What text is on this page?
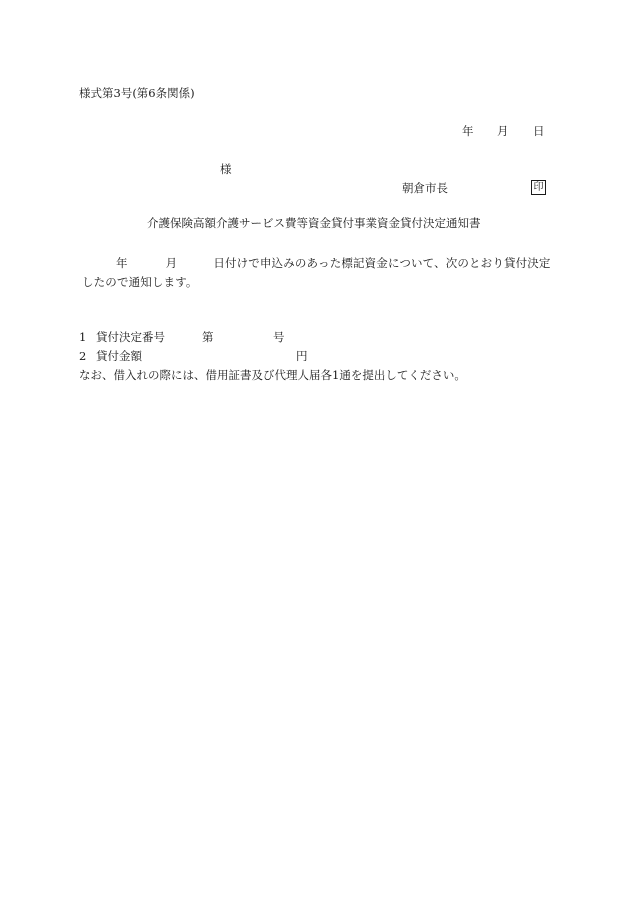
様式第3号(第6条関係)
年 月 日
様
朝倉市長	印
介護保険高額介護サービス費等資金貸付事業資金貸付決定通知書
年	月	日付けで申込みのあった標記資金について、次のとおり貸付決定したので通知します。
1 貸付決定番号	第	号
2 貸付金額	円
なお、借入れの際には、借用証書及び代理人届各1通を提出してください。
